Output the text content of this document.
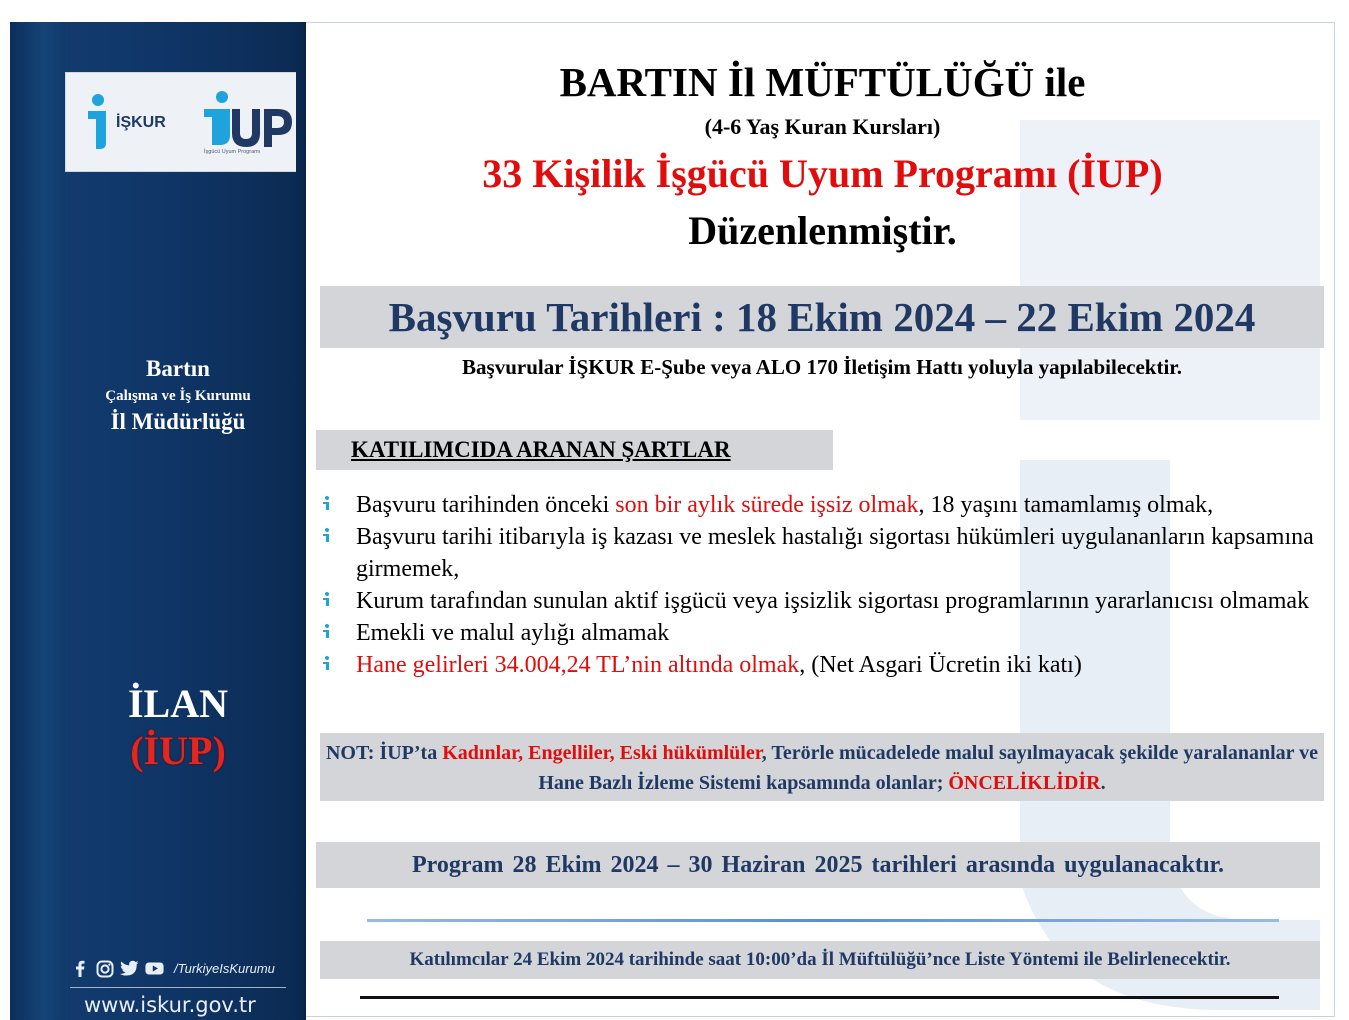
İŞKUR
İşgücü Uyum Programı
/TurkiyeIsKurumu
www.iskur.gov.tr
Bartın
Çalışma ve İş Kurumu
İl Müdürlüğü
İLAN
(İUP)
BARTIN İl MÜFTÜLÜĞÜ ile
(4-6 Yaş Kuran Kursları)
33 Kişilik İşgücü Uyum Programı (İUP)
Düzenlenmiştir.
Başvuru Tarihleri : 18 Ekim 2024 – 22 Ekim 2024
Başvurular İŞKUR E-Şube veya ALO 170 İletişim Hattı yoluyla yapılabilecektir.
KATILIMCIDA ARANAN ŞARTLAR
Başvuru tarihinden önceki son bir aylık sürede işsiz olmak, 18 yaşını tamamlamış olmak,
Başvuru tarihi itibarıyla iş kazası ve meslek hastalığı sigortası hükümleri uygulananların kapsamına girmemek,
Kurum tarafından sunulan aktif işgücü veya işsizlik sigortası programlarının yararlanıcısı olmamak
Emekli ve malul aylığı almamak
Hane gelirleri 34.004,24 TL’nin altında olmak, (Net Asgari Ücretin iki katı)
NOT: İUP’ta Kadınlar, Engelliler, Eski hükümlüler, Terörle mücadelede malul sayılmayacak şekilde yaralananlar ve Hane Bazlı İzleme Sistemi kapsamında olanlar; ÖNCELİKLİDİR.
Program 28 Ekim 2024 – 30 Haziran 2025 tarihleri arasında uygulanacaktır.
Katılımcılar 24 Ekim 2024 tarihinde saat 10:00’da İl Müftülüğü’nce Liste Yöntemi ile Belirlenecektir.
